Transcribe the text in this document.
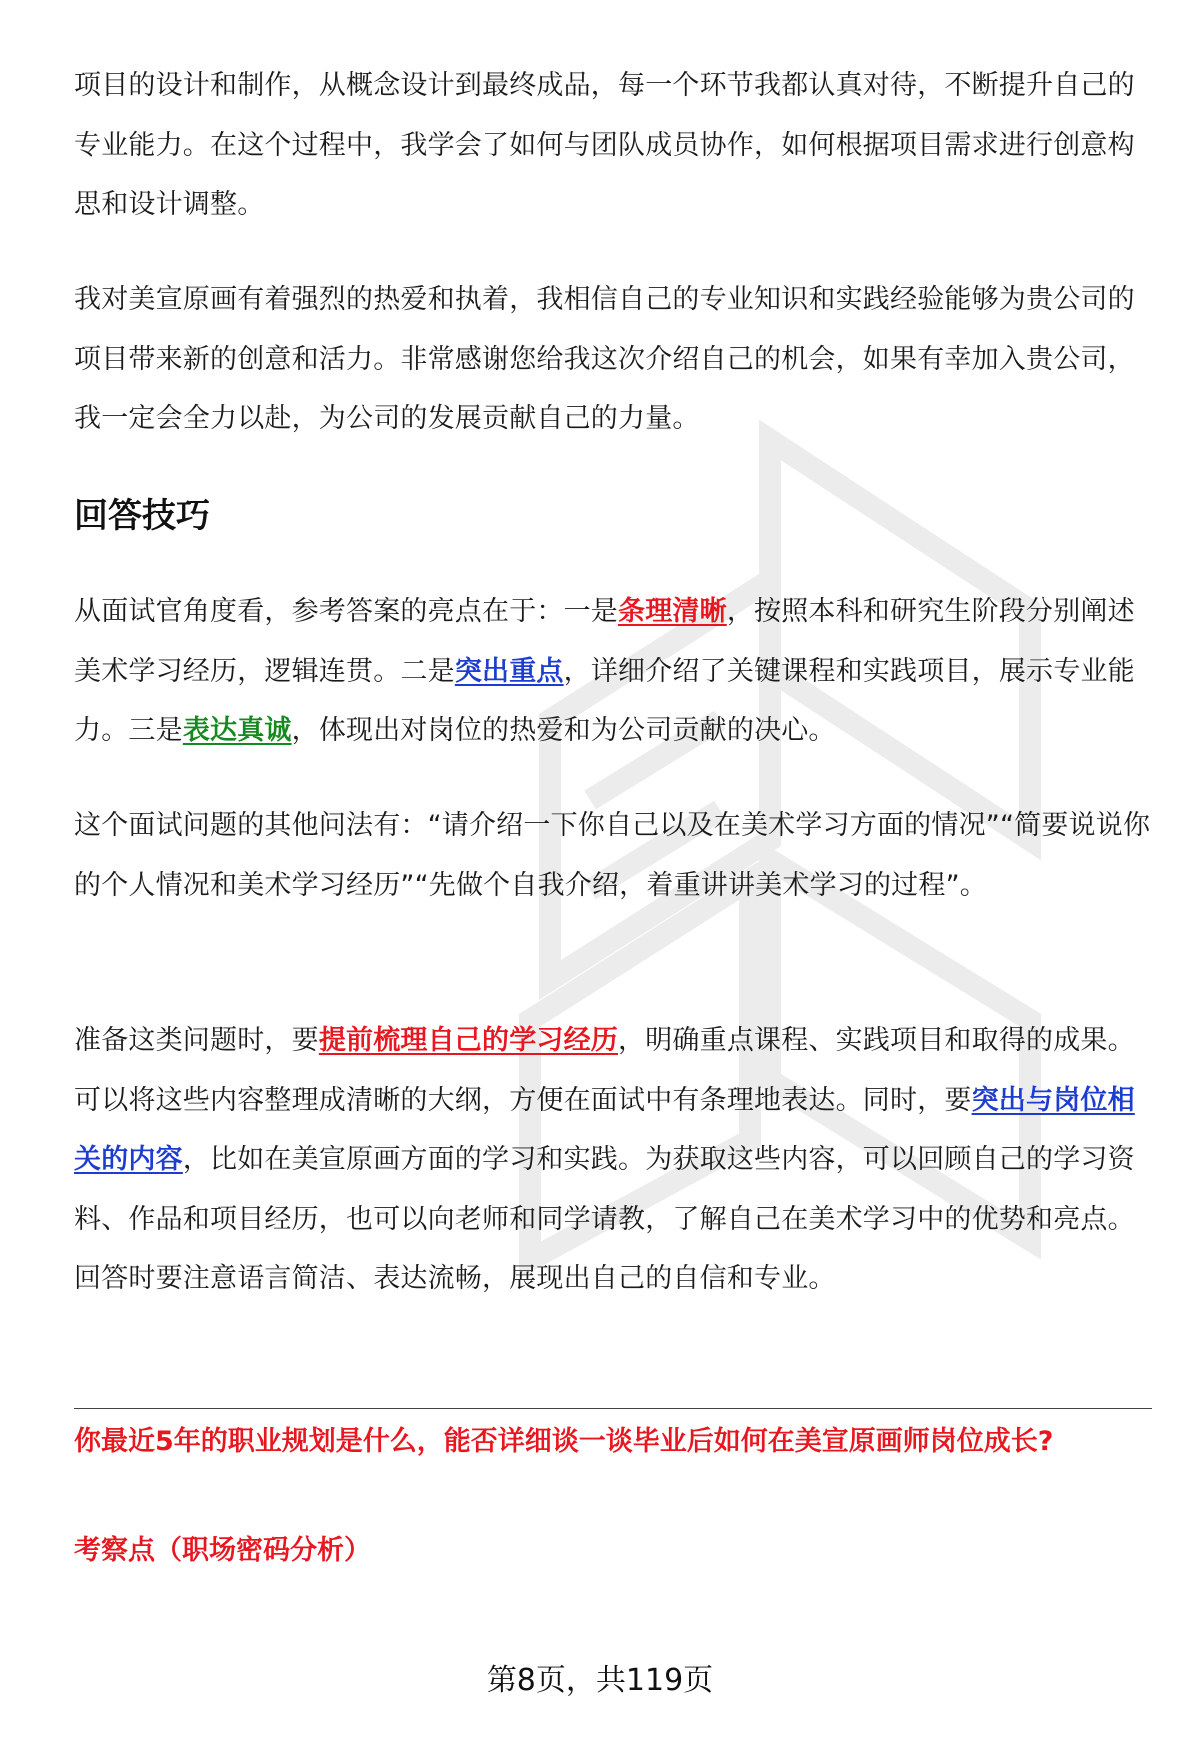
项目的设计和制作，从概念设计到最终成品，每一个环节我都认真对待，不断提升自己的专业能力。在这个过程中，我学会了如何与团队成员协作，如何根据项目需求进行创意构思和设计调整。

我对美宣原画有着强烈的热爱和执着，我相信自己的专业知识和实践经验能够为贵公司的项目带来新的创意和活力。非常感谢您给我这次介绍自己的机会，如果有幸加入贵公司，我一定会全力以赴，为公司的发展贡献自己的力量。

回答技巧

从面试官角度看，参考答案的亮点在于：一是条理清晰，按照本科和研究生阶段分别阐述美术学习经历，逻辑连贯。二是突出重点，详细介绍了关键课程和实践项目，展示专业能力。三是表达真诚，体现出对岗位的热爱和为公司贡献的决心。

这个面试问题的其他问法有：“请介绍一下你自己以及在美术学习方面的情况”“简要说说你的个人情况和美术学习经历”“先做个自我介绍，着重讲讲美术学习的过程”。

准备这类问题时，要提前梳理自己的学习经历，明确重点课程、实践项目和取得的成果。可以将这些内容整理成清晰的大纲，方便在面试中有条理地表达。同时，要突出与岗位相关的内容，比如在美宣原画方面的学习和实践。为获取这些内容，可以回顾自己的学习资料、作品和项目经历，也可以向老师和同学请教，了解自己在美术学习中的优势和亮点。回答时要注意语言简洁、表达流畅，展现出自己的自信和专业。

你最近5年的职业规划是什么，能否详细谈一谈毕业后如何在美宣原画师岗位成长?

考察点（职场密码分析）

第8页，共119页
